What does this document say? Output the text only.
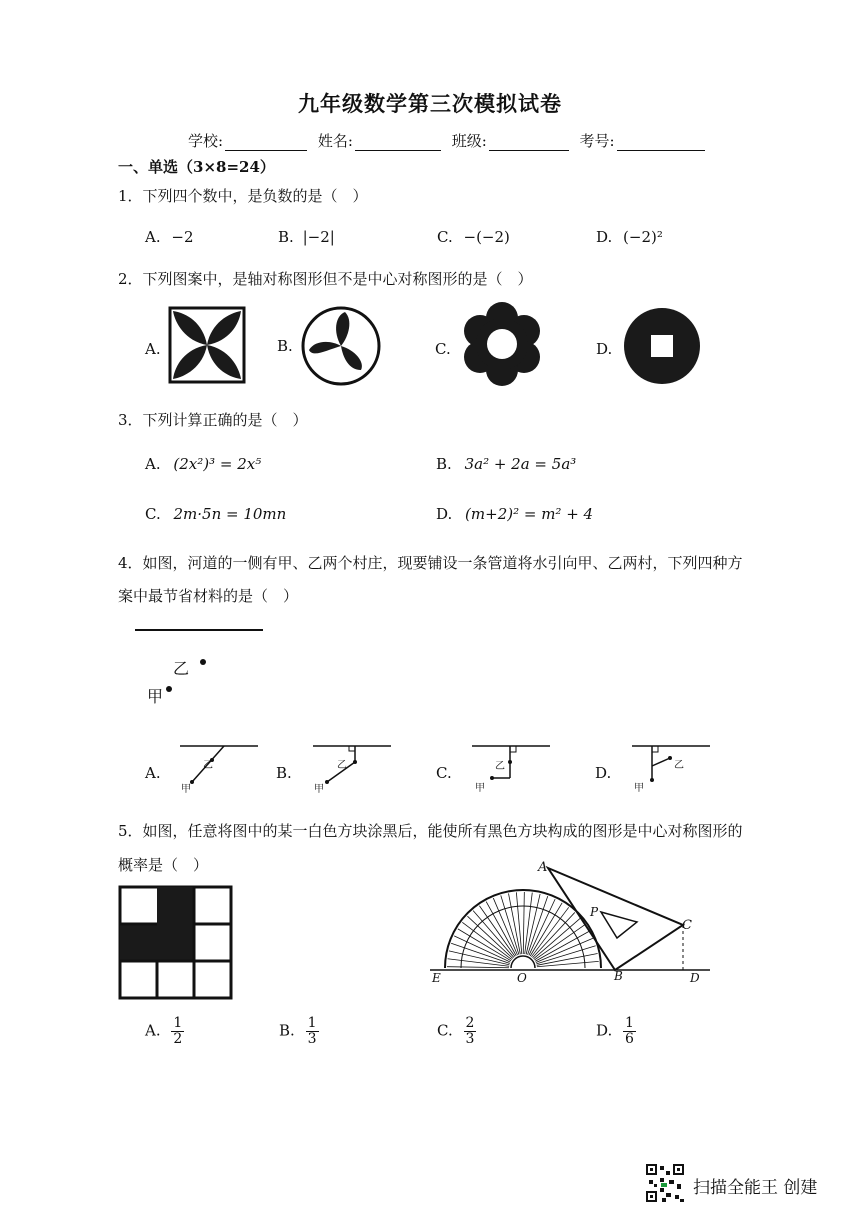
九年级数学第三次模拟试卷
学校:	姓名:	班级:	考号:
一、单选（3×8=24）
1．下列四个数中，是负数的是（　）
A. −2	B. |−2|	C. −(−2)	D. (−2)²
2．下列图案中，是轴对称图形但不是中心对称图形的是（　）
A.	B.	C.	D.
3．下列计算正确的是（　）
A. (2x²)³ = 2x⁵	B. 3a² + 2a = 5a³
C. 2m·5n = 10mn	D. (m+2)² = m² + 4
4．如图，河道的一侧有甲、乙两个村庄，现要铺设一条管道将水引向甲、乙两村，下列四种方
案中最节省材料的是（　）
乙
甲
A.	乙
甲
B.	乙
甲
C.	乙
甲
D.	乙
甲
5．如图，任意将图中的某一白色方块涂黑后，能使所有黑色方块构成的图形是中心对称图形的
概率是（　）	A
P
C
E	O	B	D
A. $\frac{1}{2}$	B. $\frac{1}{3}$	C. $\frac{2}{3}$	D. $\frac{1}{6}$
扫描全能王 创建
